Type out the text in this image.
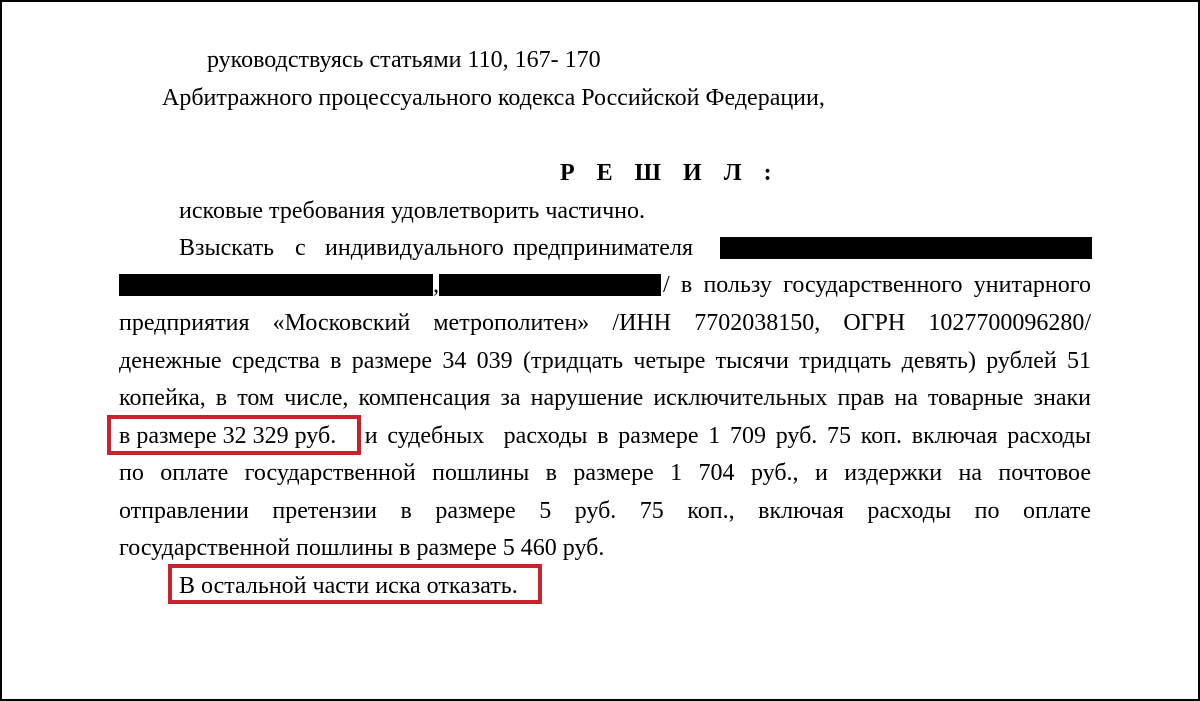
руководствуясь статьями 110, 167- 170
Арбитражного процессуального кодекса Российской Федерации,
Р Е Ш И Л :
исковые требования удовлетворить частично.
Взыскать с индивидуального предпринимателя
,	/ в пользу государственного унитарного
предприятия «Московский метрополитен» /ИНН 7702038150, ОГРН 1027700096280/
денежные средства в размере 34 039 (тридцать четыре тысячи тридцать девять) рублей 51
копейка, в том числе, компенсация за нарушение исключительных прав на товарные знаки
в размере 32 329 руб. и судебных  расходы в размере 1 709 руб. 75 коп. включая расходы
по оплате государственной пошлины в размере 1 704 руб., и издержки на почтовое
отправлении претензии в размере 5 руб. 75 коп., включая расходы по оплате
государственной пошлины в размере 5 460 руб.
В остальной части иска отказать.
